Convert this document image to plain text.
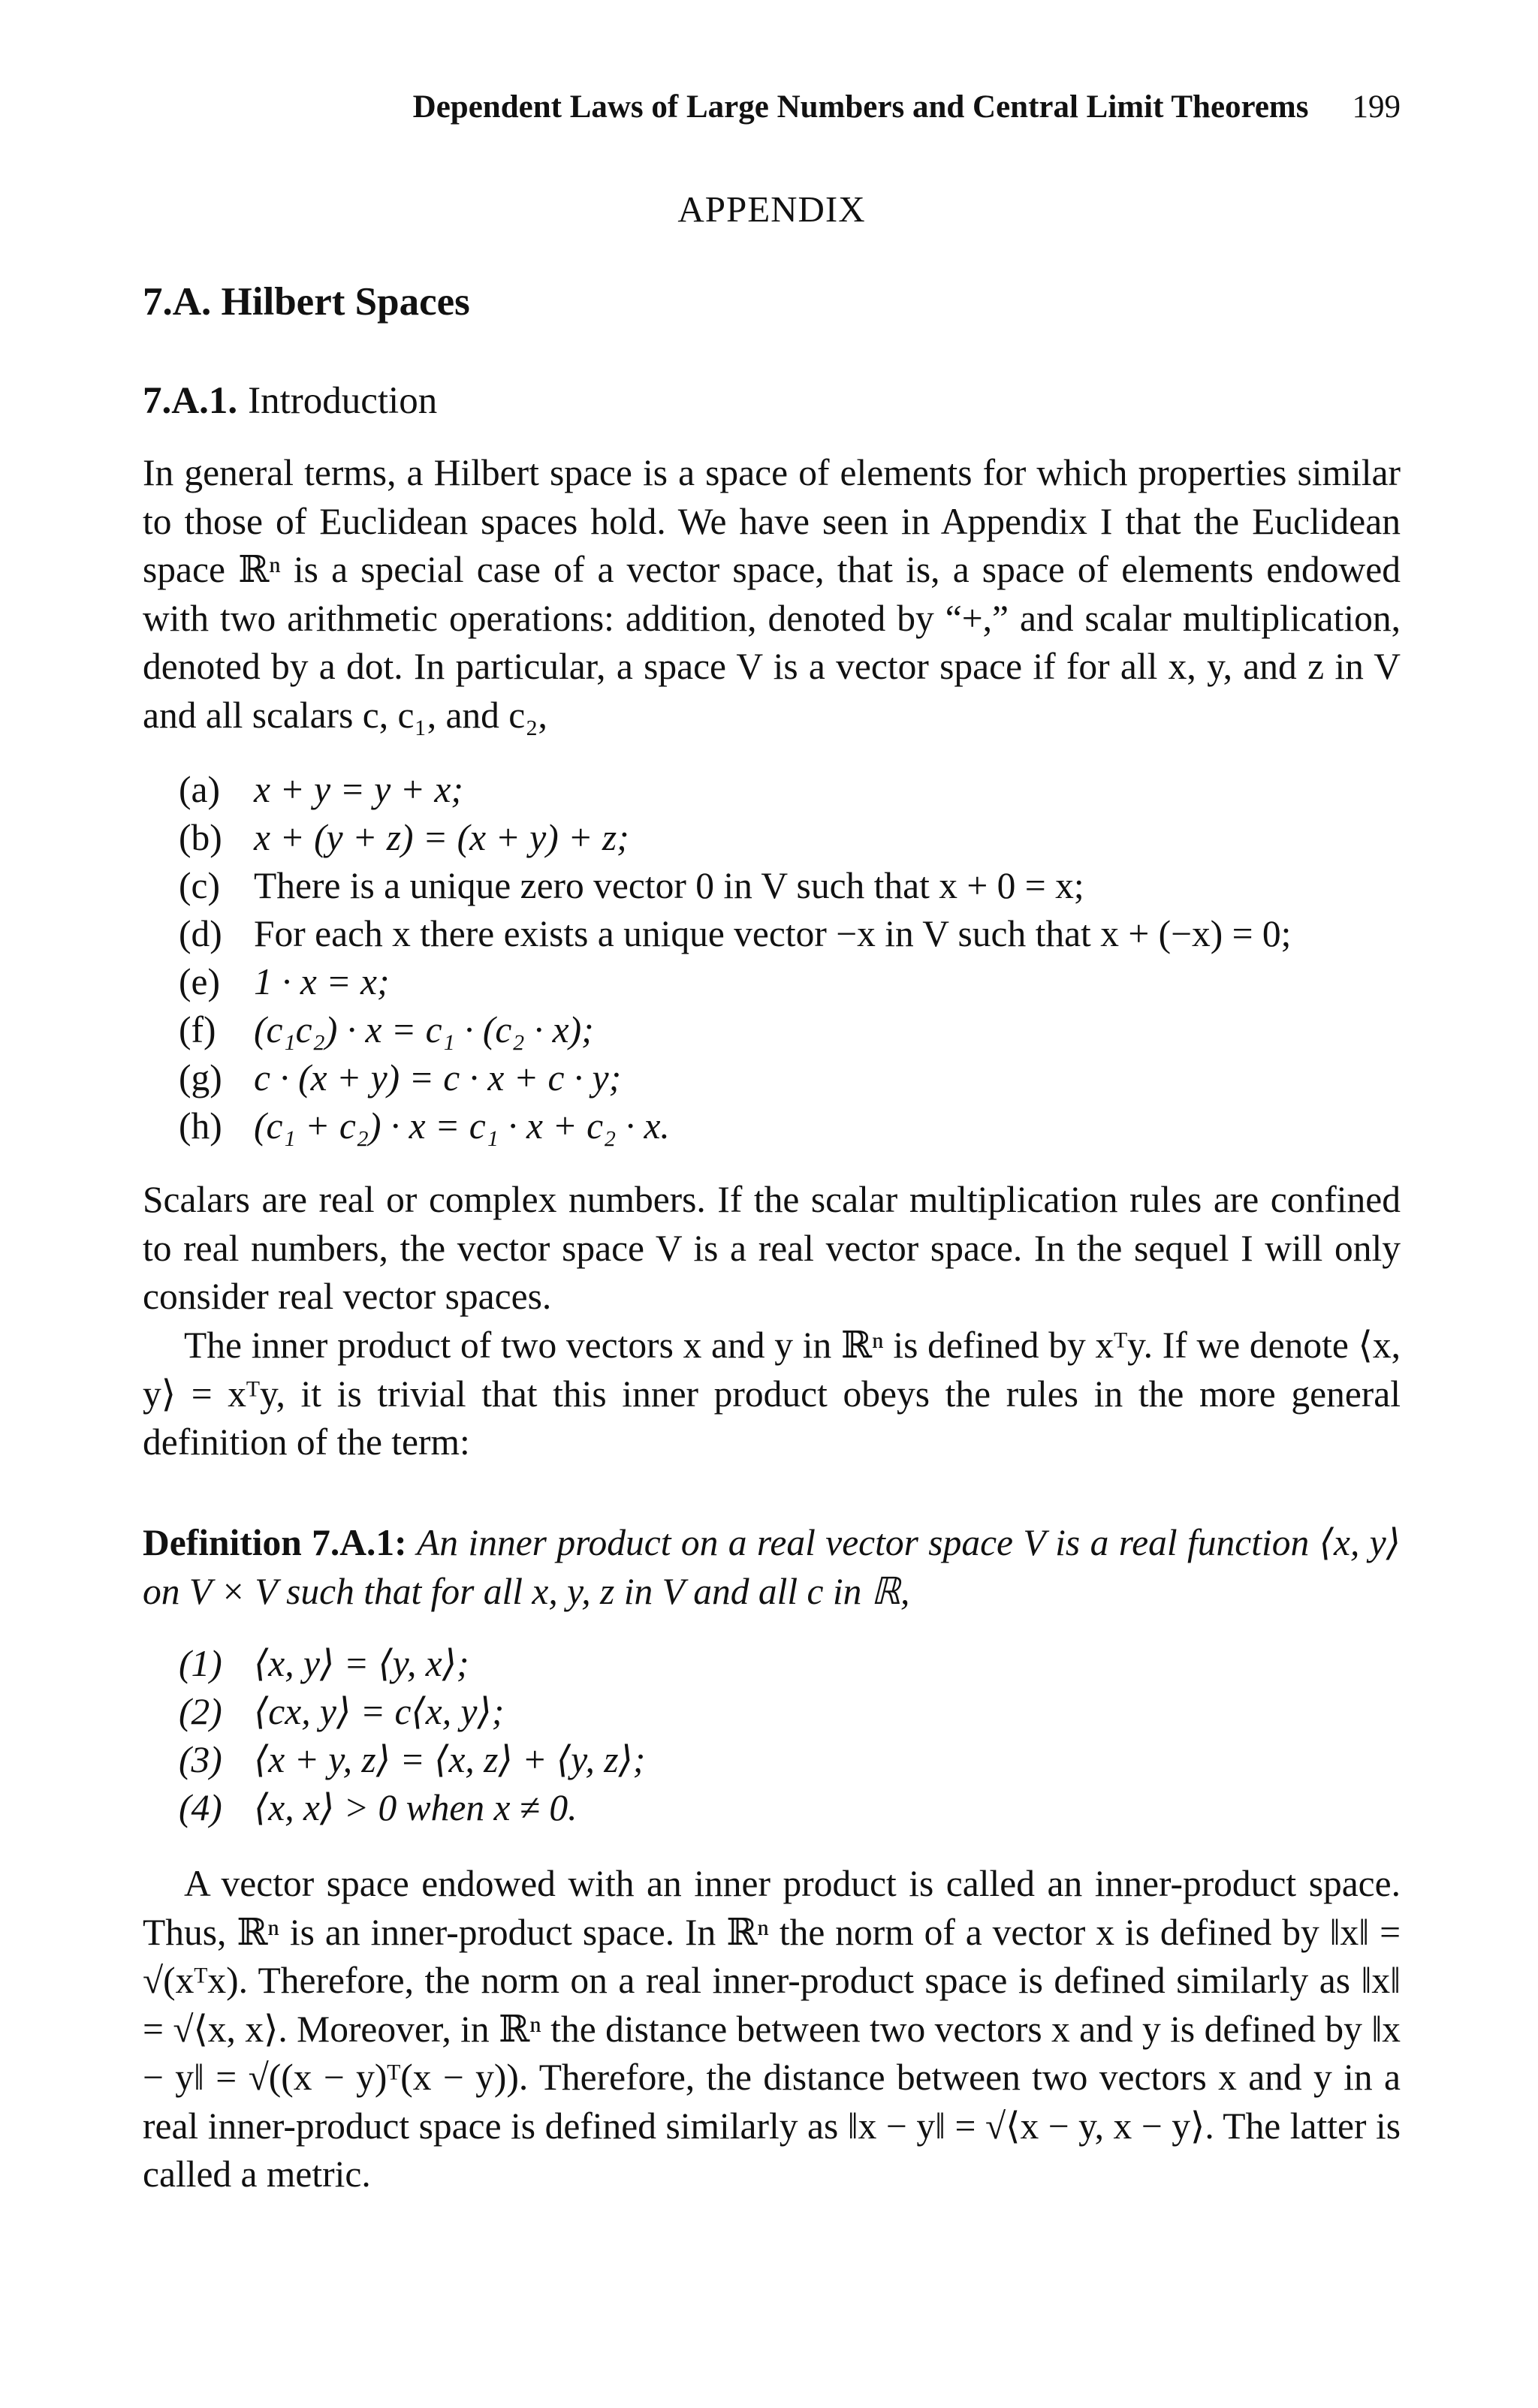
Dependent Laws of Large Numbers and Central Limit Theorems 199
APPENDIX
7.A. Hilbert Spaces
7.A.1. Introduction

In general terms, a Hilbert space is a space of elements for which properties similar to those of Euclidean spaces hold. We have seen in Appendix I that the Euclidean space ℝⁿ is a special case of a vector space, that is, a space of elements endowed with two arithmetic operations: addition, denoted by “+,” and scalar multiplication, denoted by a dot. In particular, a space V is a vector space if for all x, y, and z in V and all scalars c, c₁, and c₂,

(a) x + y = y + x;
(b) x + (y + z) = (x + y) + z;
(c) There is a unique zero vector 0 in V such that x + 0 = x;
(d) For each x there exists a unique vector −x in V such that x + (−x) = 0;
(e) 1 · x = x;
(f)	(c₁c₂) · x = c₁ · (c₂ · x);
(g) c · (x + y) = c · x + c · y;
(h) (c₁ + c₂) · x = c₁ · x + c₂ · x.

Scalars are real or complex numbers. If the scalar multiplication rules are confined to real numbers, the vector space V is a real vector space. In the sequel I will only consider real vector spaces.

The inner product of two vectors x and y in ℝⁿ is defined by xᵀy. If we denote ⟨x, y⟩ = xᵀy, it is trivial that this inner product obeys the rules in the more general definition of the term:

Definition 7.A.1: An inner product on a real vector space V is a real function ⟨x, y⟩ on V × V such that for all x, y, z in V and all c in ℝ,
(1) ⟨x, y⟩ = ⟨y, x⟩;
(2) ⟨cx, y⟩ = c⟨x, y⟩;
(3) ⟨x + y, z⟩ = ⟨x, z⟩ + ⟨y, z⟩;
(4) ⟨x, x⟩ > 0 when x ≠ 0.

A vector space endowed with an inner product is called an inner-product space. Thus, ℝⁿ is an inner-product space. In ℝⁿ the norm of a vector x is defined by ‖x‖ = √(xᵀx). Therefore, the norm on a real inner-product space is defined similarly as ‖x‖ = √⟨x, x⟩. Moreover, in ℝⁿ the distance between two vectors x and y is defined by ‖x − y‖ = √((x − y)ᵀ(x − y)). Therefore, the distance between two vectors x and y in a real inner-product space is defined similarly as ‖x − y‖ = √⟨x − y, x − y⟩. The latter is called a metric.
